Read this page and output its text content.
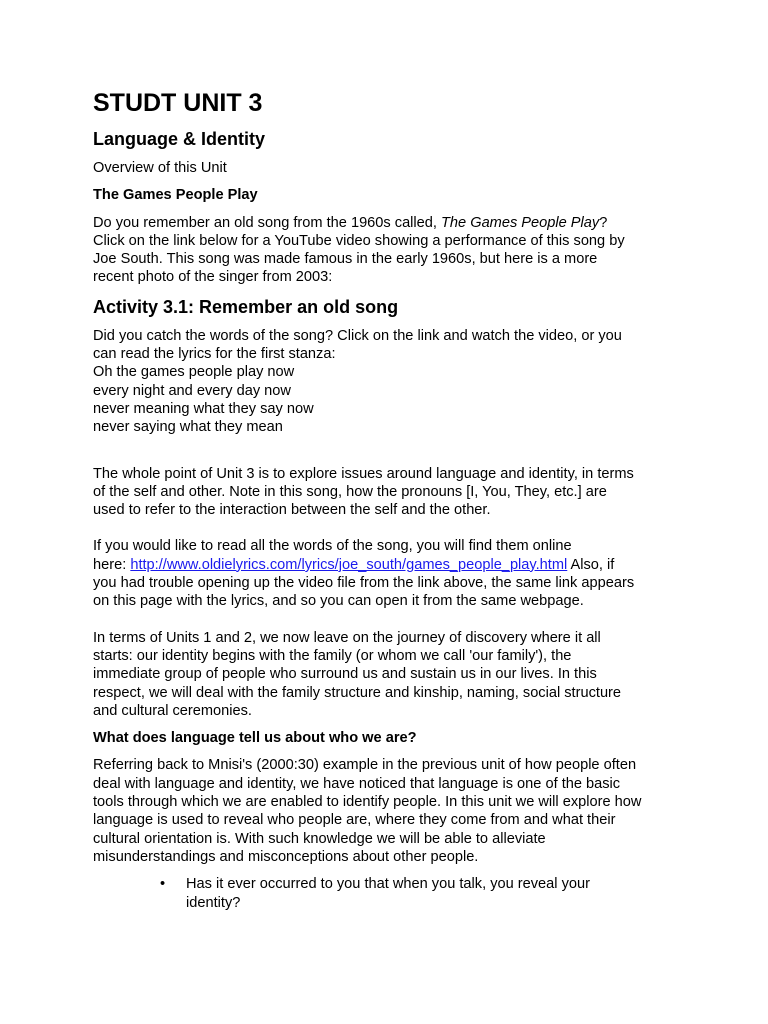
STUDT UNIT 3
Language & Identity
Overview of this Unit
The Games People Play
Do you remember an old song from the 1960s called, The Games People Play?
Click on the link below for a YouTube video showing a performance of this song by
Joe South. This song was made famous in the early 1960s, but here is a more
recent photo of the singer from 2003:
Activity 3.1: Remember an old song
Did you catch the words of the song? Click on the link and watch the video, or you
can read the lyrics for the first stanza:
Oh the games people play now
every night and every day now
never meaning what they say now
never saying what they mean
The whole point of Unit 3 is to explore issues around language and identity, in terms
of the self and other. Note in this song, how the pronouns [I, You, They, etc.] are
used to refer to the interaction between the self and the other.
If you would like to read all the words of the song, you will find them online
here: http://www.oldielyrics.com/lyrics/joe_south/games_people_play.html Also, if
you had trouble opening up the video file from the link above, the same link appears
on this page with the lyrics, and so you can open it from the same webpage.
In terms of Units 1 and 2, we now leave on the journey of discovery where it all
starts: our identity begins with the family (or whom we call 'our family'), the
immediate group of people who surround us and sustain us in our lives. In this
respect, we will deal with the family structure and kinship, naming, social structure
and cultural ceremonies.
What does language tell us about who we are?
Referring back to Mnisi's (2000:30) example in the previous unit of how people often
deal with language and identity, we have noticed that language is one of the basic
tools through which we are enabled to identify people. In this unit we will explore how
language is used to reveal who people are, where they come from and what their
cultural orientation is. With such knowledge we will be able to alleviate
misunderstandings and misconceptions about other people.
• Has it ever occurred to you that when you talk, you reveal your
identity?
